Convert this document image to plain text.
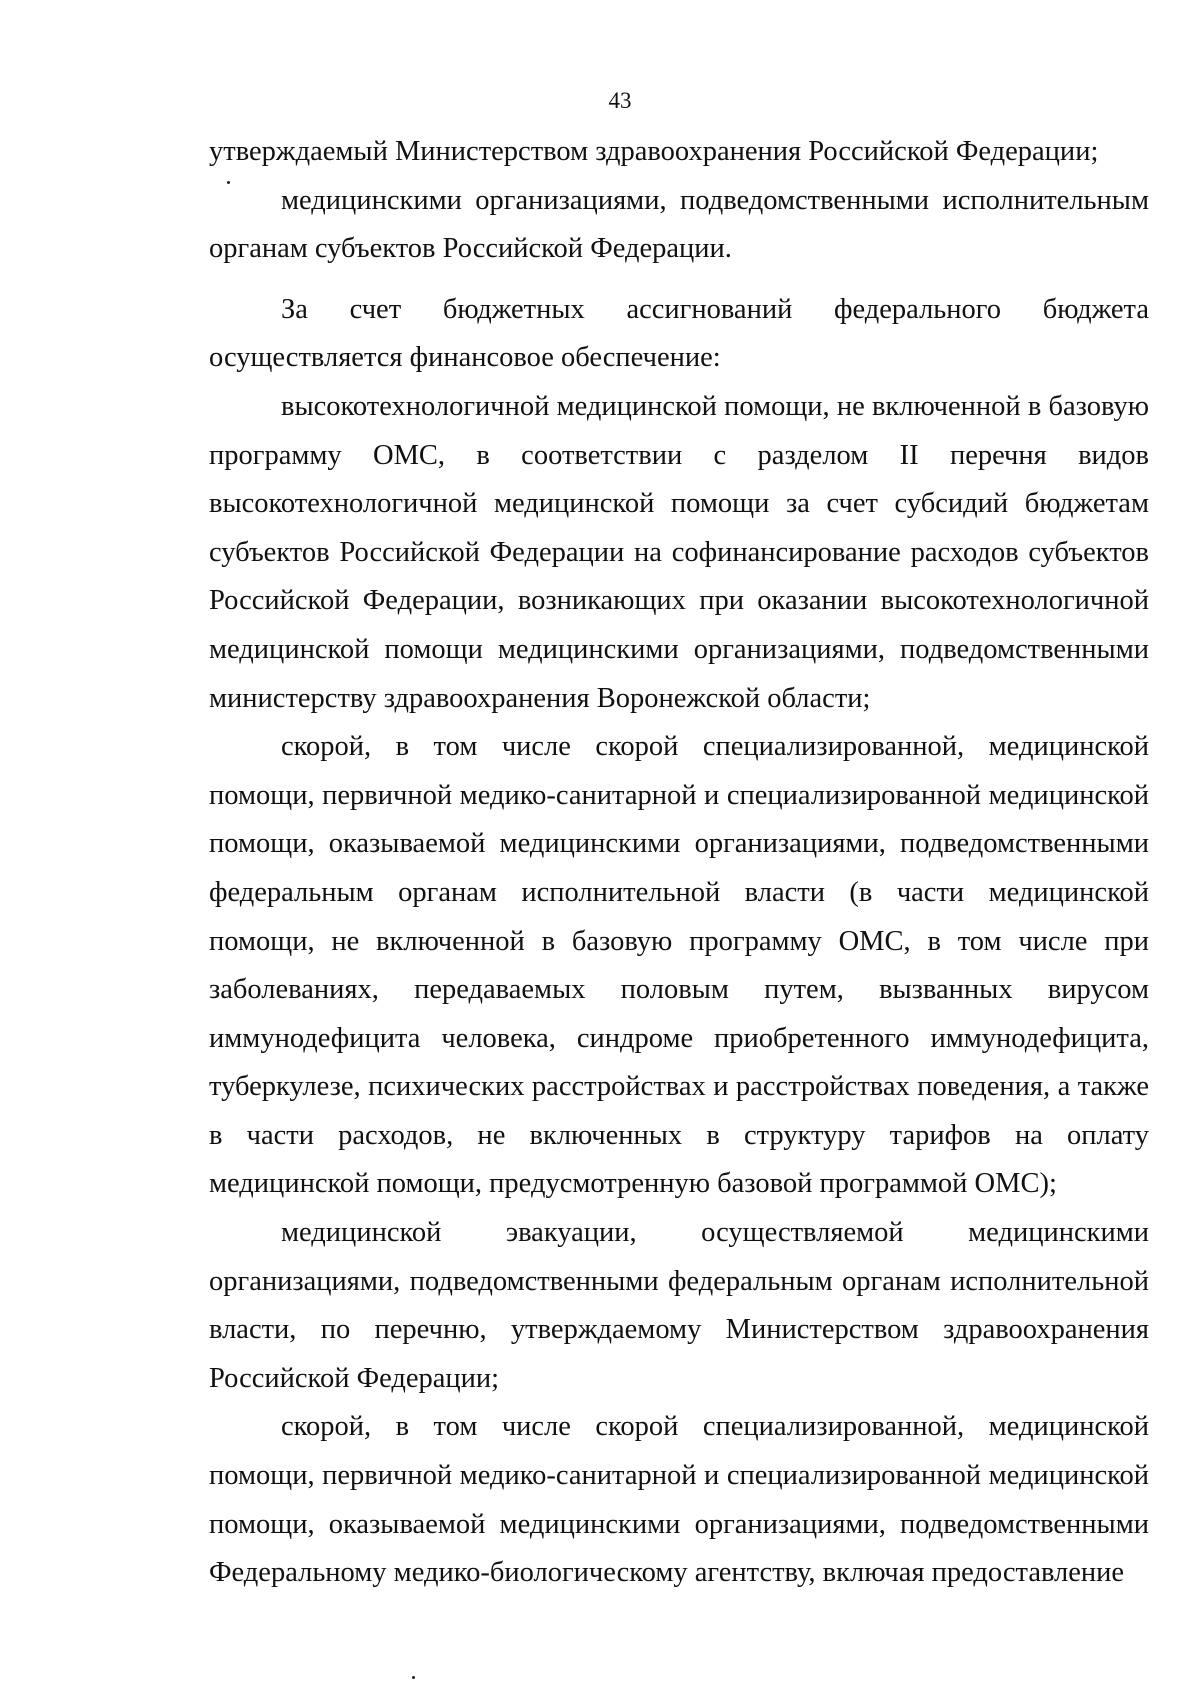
43

утверждаемый Министерством здравоохранения Российской Федерации;

медицинскими организациями, подведомственными исполнительным органам субъектов Российской Федерации.

За счет бюджетных ассигнований федерального бюджета осуществляется финансовое обеспечение:

высокотехнологичной медицинской помощи, не включенной в базовую программу ОМС, в соответствии с разделом II перечня видов высокотехнологичной медицинской помощи за счет субсидий бюджетам субъектов Российской Федерации на софинансирование расходов субъектов Российской Федерации, возникающих при оказании высокотехнологичной медицинской помощи медицинскими организациями, подведомственными министерству здравоохранения Воронежской области;

скорой, в том числе скорой специализированной, медицинской помощи, первичной медико-санитарной и специализированной медицинской помощи, оказываемой медицинскими организациями, подведомственными федеральным органам исполнительной власти (в части медицинской помощи, не включенной в базовую программу ОМС, в том числе при заболеваниях, передаваемых половым путем, вызванных вирусом иммунодефицита человека, синдроме приобретенного иммунодефицита, туберкулезе, психических расстройствах и расстройствах поведения, а также в части расходов, не включенных в структуру тарифов на оплату медицинской помощи, предусмотренную базовой программой ОМС);

медицинской эвакуации, осуществляемой медицинскими организациями, подведомственными федеральным органам исполнительной власти, по перечню, утверждаемому Министерством здравоохранения Российской Федерации;

скорой, в том числе скорой специализированной, медицинской помощи, первичной медико-санитарной и специализированной медицинской помощи, оказываемой медицинскими организациями, подведомственными Федеральному медико-биологическому агентству, включая предоставление
